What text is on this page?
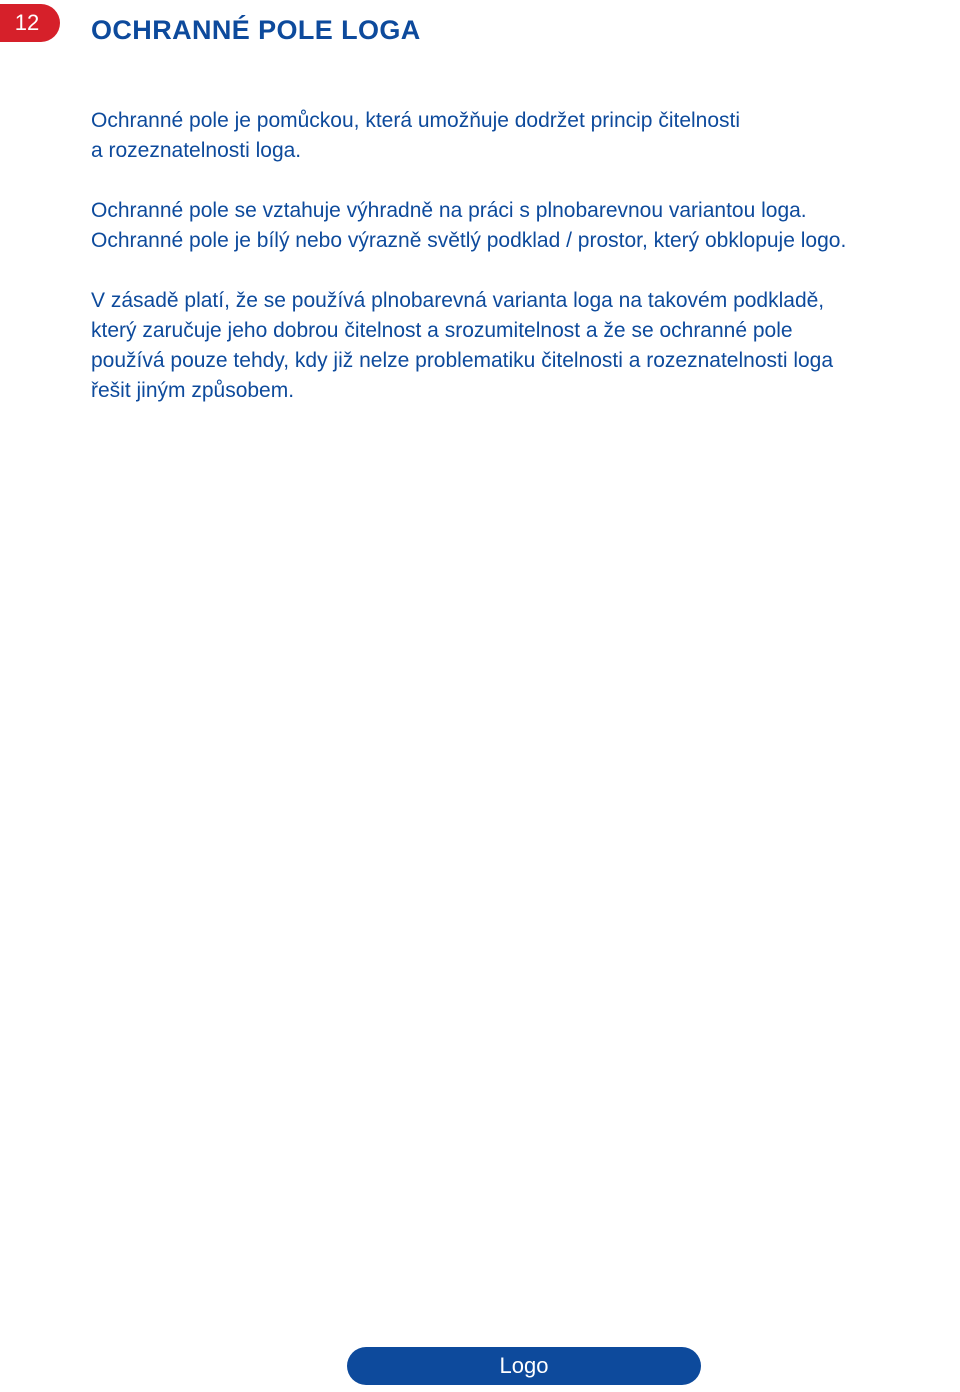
12	OCHRANNÉ POLE LOGA

Ochranné pole je pomůckou, která umožňuje dodržet princip čitelnosti
a rozeznatelnosti loga.

Ochranné pole se vztahuje výhradně na práci s plnobarevnou variantou loga.
Ochranné pole je bílý nebo výrazně světlý podklad / prostor, který obklopuje logo.

V zásadě platí, že se používá plnobarevná varianta loga na takovém podkladě,
který zaručuje jeho dobrou čitelnost a srozumitelnost a že se ochranné pole
používá pouze tehdy, kdy již nelze problematiku čitelnosti a rozeznatelnosti loga
řešit jiným způsobem.

Logo
